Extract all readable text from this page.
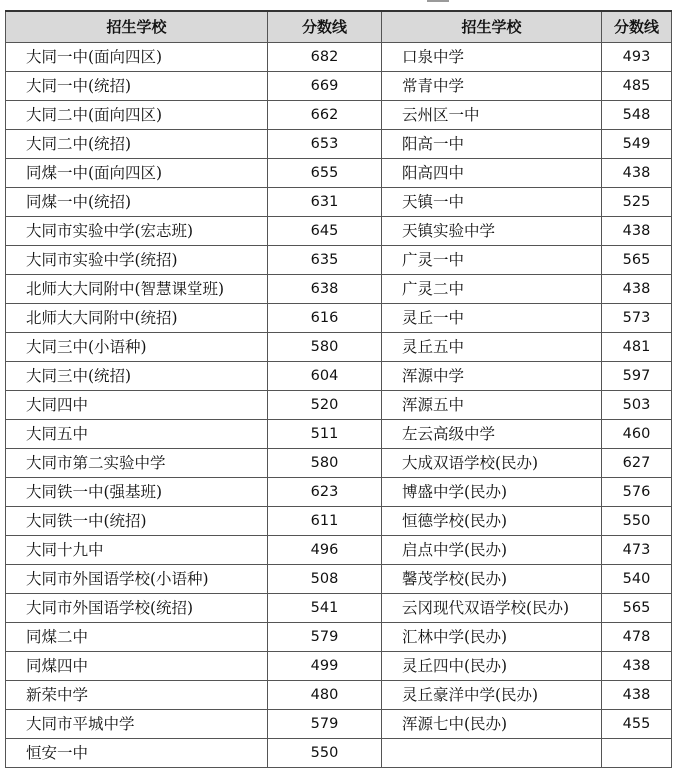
招生学校	分数线	招生学校	分数线
大同一中(面向四区)	682	口泉中学	493
大同一中(统招)	669	常青中学	485
大同二中(面向四区)	662	云州区一中	548
大同二中(统招)	653	阳高一中	549
同煤一中(面向四区)	655	阳高四中	438
同煤一中(统招)	631	天镇一中	525
大同市实验中学(宏志班)	645	天镇实验中学	438
大同市实验中学(统招)	635	广灵一中	565
北师大大同附中(智慧课堂班)	638	广灵二中	438
北师大大同附中(统招)	616	灵丘一中	573
大同三中(小语种)	580	灵丘五中	481
大同三中(统招)	604	浑源中学	597
大同四中	520	浑源五中	503
大同五中	511	左云高级中学	460
大同市第二实验中学	580	大成双语学校(民办)	627
大同铁一中(强基班)	623	博盛中学(民办)	576
大同铁一中(统招)	611	恒德学校(民办)	550
大同十九中	496	启点中学(民办)	473
大同市外国语学校(小语种)	508	馨茂学校(民办)	540
大同市外国语学校(统招)	541	云冈现代双语学校(民办)	565
同煤二中	579	汇林中学(民办)	478
同煤四中	499	灵丘四中(民办)	438
新荣中学	480	灵丘豪洋中学(民办)	438
大同市平城中学	579	浑源七中(民办)	455
恒安一中	550		
